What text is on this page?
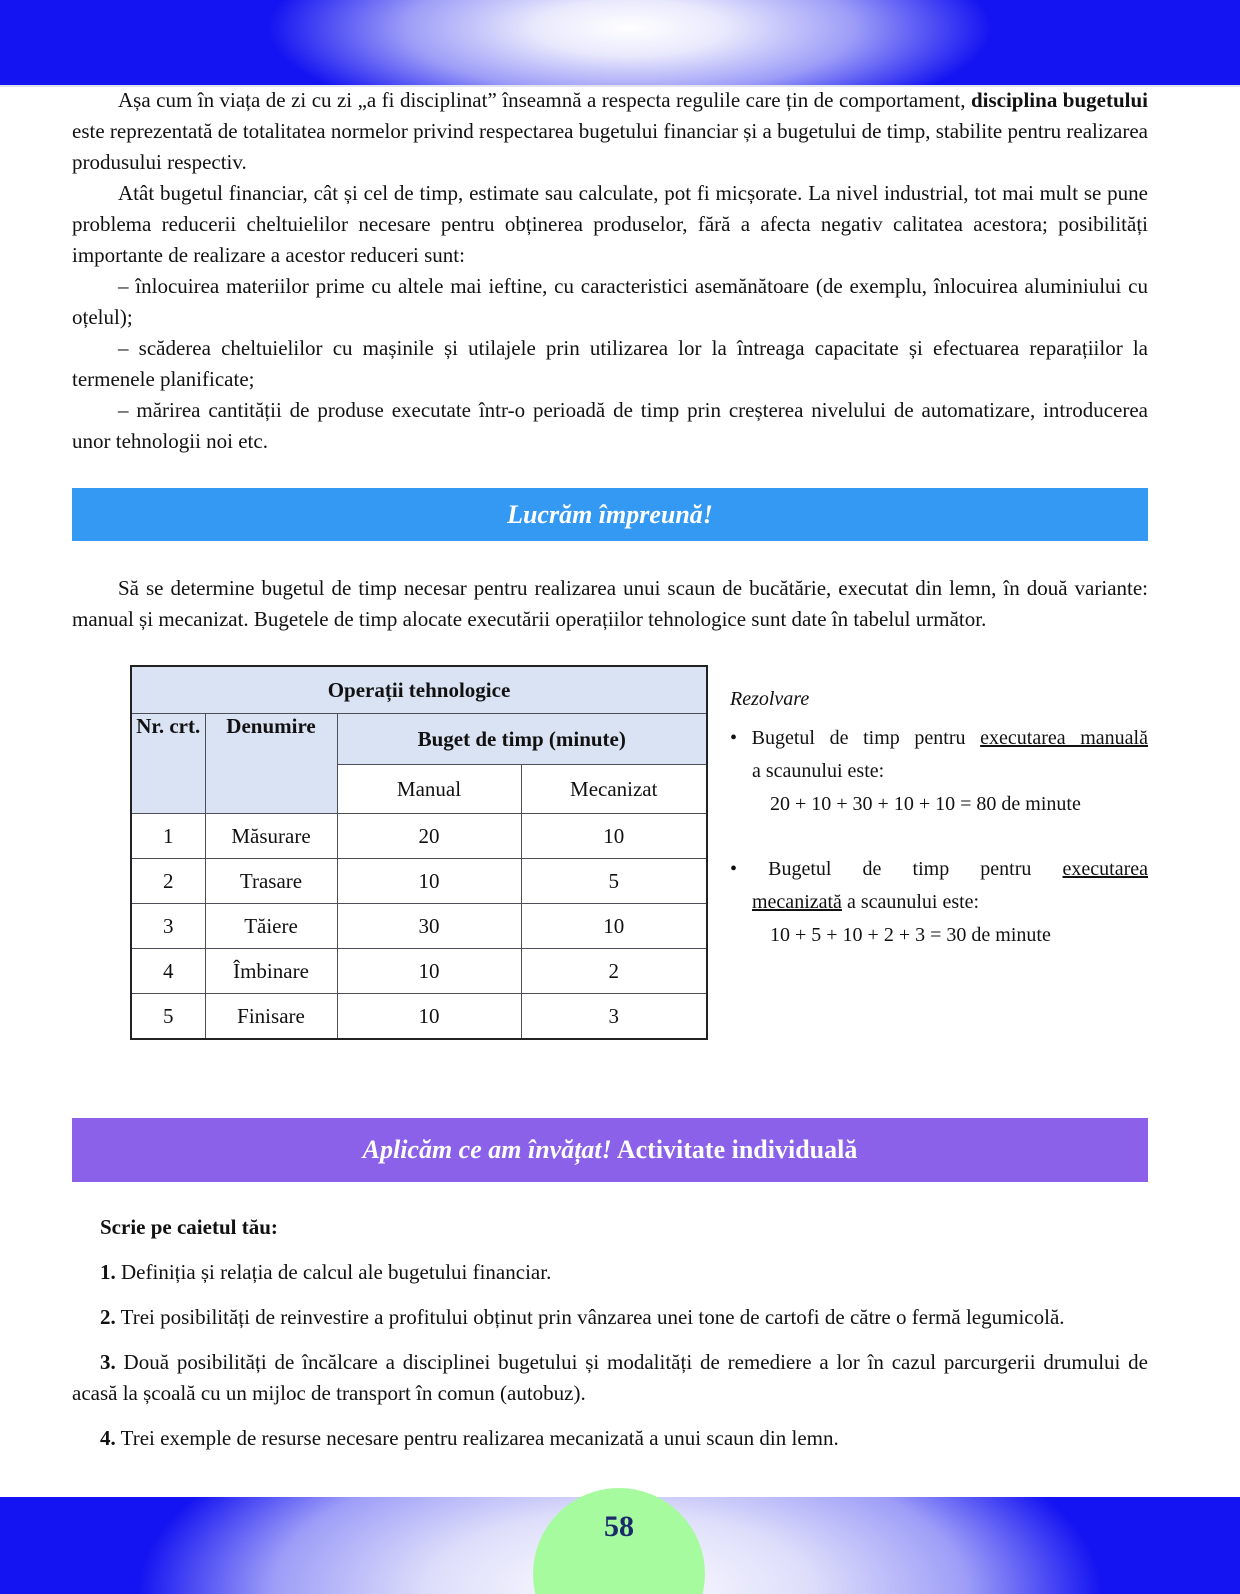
Așa cum în viața de zi cu zi „a fi disciplinat” înseamnă a respecta regulile care țin de comportament, disciplina bugetului este reprezentată de totalitatea normelor privind respectarea bugetului financiar și a bugetului de timp, stabilite pentru realizarea produsului respectiv.

Atât bugetul financiar, cât și cel de timp, estimate sau calculate, pot fi micșorate. La nivel industrial, tot mai mult se pune problema reducerii cheltuielilor necesare pentru obținerea produselor, fără a afecta negativ calitatea acestora; posibilități importante de realizare a acestor reduceri sunt:

– înlocuirea materiilor prime cu altele mai ieftine, cu caracteristici asemănătoare (de exemplu, înlocuirea aluminiului cu oțelul);

– scăderea cheltuielilor cu mașinile și utilajele prin utilizarea lor la întreaga capacitate și efectuarea reparațiilor la termenele planificate;

– mărirea cantității de produse executate într-o perioadă de timp prin creșterea nivelului de automatizare, introducerea unor tehnologii noi etc.

Lucrăm împreună!

Să se determine bugetul de timp necesar pentru realizarea unui scaun de bucătărie, executat din lemn, în două variante: manual și mecanizat. Bugetele de timp alocate executării operațiilor tehnologice sunt date în tabelul următor.

Operații tehnologice			
Nr. crt.	Denumire	Buget de timp (minute)	
		Manual	Mecanizat
1	Măsurare	20	10
2	Trasare	10	5
3	Tăiere	30	10
4	Îmbinare	10	2
5	Finisare	10	3
Rezolvare
• Bugetul de timp pentru executarea manuală
a scaunului este:
20 + 10 + 30 + 10 + 10 = 80 de minute
• Bugetul de timp pentru executarea
mecanizată a scaunului este:
10 + 5 + 10 + 2 + 3 = 30 de minute
Aplicăm ce am învățat! Activitate individuală

Scrie pe caietul tău:

1. Definiția și relația de calcul ale bugetului financiar.

2. Trei posibilități de reinvestire a profitului obținut prin vânzarea unei tone de cartofi de către o fermă legumicolă.

3. Două posibilități de încălcare a disciplinei bugetului și modalități de remediere a lor în cazul parcurgerii drumului de acasă la școală cu un mijloc de transport în comun (autobuz).

4. Trei exemple de resurse necesare pentru realizarea mecanizată a unui scaun din lemn.

58
